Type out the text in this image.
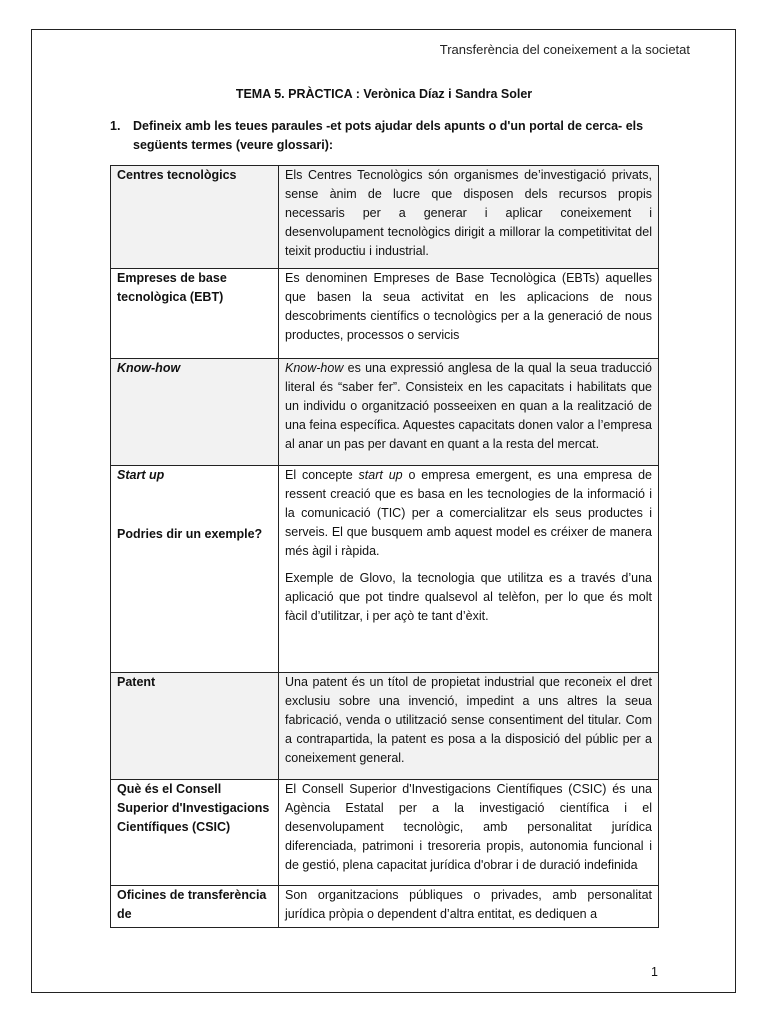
Transferència del coneixement a la societat
TEMA 5. PRÀCTICA : Verònica Díaz i Sandra Soler
1. Defineix amb les teues paraules -et pots ajudar dels apunts o d'un portal de cerca- els següents termes (veure glossari):
Centres tecnològics	Els Centres Tecnològics són organismes de’investigació privats, sense ànim de lucre que disposen dels recursos propis necessaris per a generar i aplicar coneixement i desenvolupament tecnològics dirigit a millorar la competitivitat del teixit productiu i industrial.
Empreses de base tecnològica (EBT)	Es denominen Empreses de Base Tecnològica (EBTs) aquelles que basen la seua activitat en les aplicacions de nous descobriments científics o tecnològics per a la generació de nous productes, processos o servicis
Know-how	Know-how es una expressió anglesa de la qual la seua traducció literal és “saber fer”. Consisteix en les capacitats i habilitats que un individu o organització posseeixen en quan a la realització de una feina específica. Aquestes capacitats donen valor a l’empresa al anar un pas per davant en quant a la resta del mercat.

Start up
Podries dir un exemple?	El concepte start up o empresa emergent, es una empresa de ressent creació que es basa en les tecnologies de la informació i la comunicació (TIC) per a comercialitzar els seus productes i serveis. El que busquem amb aquest model es créixer de manera més àgil i ràpida.
Exemple de Glovo, la tecnologia que utilitza es a través d’una aplicació que pot tindre qualsevol al telèfon, per lo que és molt fàcil d’utilitzar, i per açò te tant d’èxit.

Patent	Una patent és un títol de propietat industrial que reconeix el dret exclusiu sobre una invenció, impedint a uns altres la seua fabricació, venda o utilització sense consentiment del titular. Com a contrapartida, la patent es posa a la disposició del públic per a coneixement general.
Què és el Consell Superior d'Investigacions Científiques (CSIC)	El Consell Superior d'Investigacions Científiques (CSIC) és una Agència Estatal per a la investigació científica i el desenvolupament tecnològic, amb personalitat jurídica diferenciada, patrimoni i tresoreria propis, autonomia funcional i de gestió, plena capacitat jurídica d'obrar i de duració indefinida
Oficines de transferència de	Son organitzacions públiques o privades, amb personalitat jurídica pròpia o dependent d’altra entitat, es dediquen a
1
